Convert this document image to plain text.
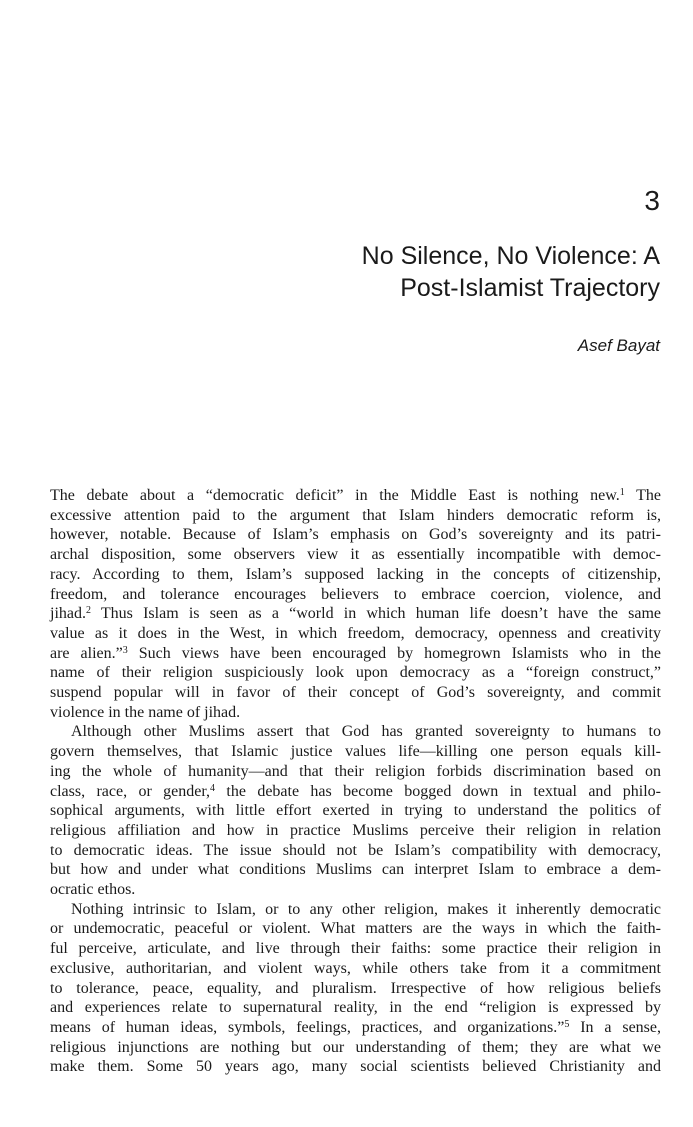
3
No Silence, No Violence: A
Post-Islamist Trajectory
Asef Bayat
The debate about a “democratic deficit” in the Middle East is nothing new.$^1$ The
excessive attention paid to the argument that Islam hinders democratic reform is,
however, notable. Because of Islam’s emphasis on God’s sovereignty and its patri-
archal disposition, some observers view it as essentially incompatible with democ-
racy. According to them, Islam’s supposed lacking in the concepts of citizenship,
freedom, and tolerance encourages believers to embrace coercion, violence, and
jihad.$^2$ Thus Islam is seen as a “world in which human life doesn’t have the same
value as it does in the West, in which freedom, democracy, openness and creativity
are alien.”$^3$ Such views have been encouraged by homegrown Islamists who in the
name of their religion suspiciously look upon democracy as a “foreign construct,”
suspend popular will in favor of their concept of God’s sovereignty, and commit
violence in the name of jihad.
Although other Muslims assert that God has granted sovereignty to humans to
govern themselves, that Islamic justice values life—killing one person equals kill-
ing the whole of humanity—and that their religion forbids discrimination based on
class, race, or gender,$^4$ the debate has become bogged down in textual and philo-
sophical arguments, with little effort exerted in trying to understand the politics of
religious affiliation and how in practice Muslims perceive their religion in relation
to democratic ideas. The issue should not be Islam’s compatibility with democracy,
but how and under what conditions Muslims can interpret Islam to embrace a dem-
ocratic ethos.
Nothing intrinsic to Islam, or to any other religion, makes it inherently democratic
or undemocratic, peaceful or violent. What matters are the ways in which the faith-
ful perceive, articulate, and live through their faiths: some practice their religion in
exclusive, authoritarian, and violent ways, while others take from it a commitment
to tolerance, peace, equality, and pluralism. Irrespective of how religious beliefs
and experiences relate to supernatural reality, in the end “religion is expressed by
means of human ideas, symbols, feelings, practices, and organizations.”$^5$ In a sense,
religious injunctions are nothing but our understanding of them; they are what we
make them. Some 50 years ago, many social scientists believed Christianity and
